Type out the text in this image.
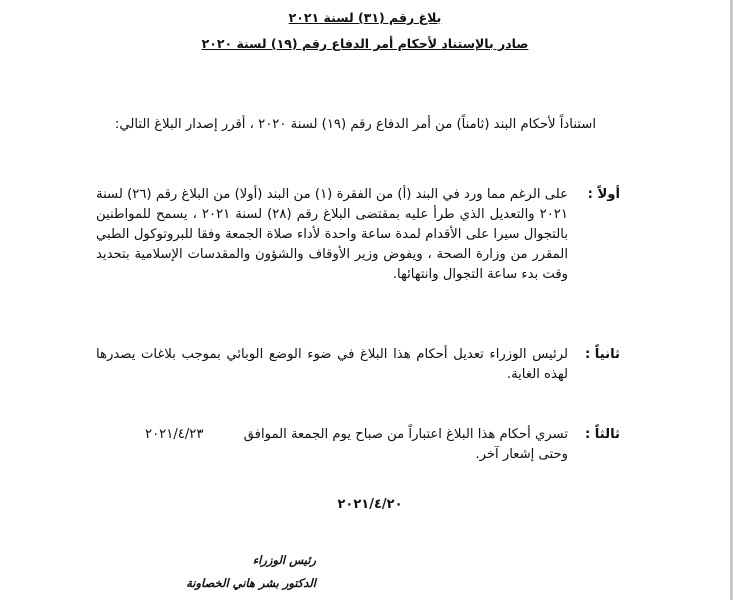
بلاغ رقم (٣١) لسنة ٢٠٢١
صادر بالإستناد لأحكام أمر الدفاع رقم (١٩) لسنة ٢٠٢٠
استناداً لأحكام البند (ثامناً) من أمر الدفاع رقم (١٩) لسنة ٢٠٢٠ ، أقرر إصدار البلاغ التالي:
أولاً :
على الرغم مما ورد في البند (أ) من الفقرة (١) من البند (أولا) من البلاغ رقم (٢٦) لسنة ٢٠٢١ والتعديل الذي طرأ عليه بمقتضى البلاغ رقم (٢٨) لسنة ٢٠٢١ ، يسمح للمواطنين بالتجوال سيرا على الأقدام لمدة ساعة واحدة لأداء صلاة الجمعة وفقا للبروتوكول الطبي المقرر من وزارة الصحة ، ويفوض وزير الأوقاف والشؤون والمقدسات الإسلامية بتحديد وقت بدء ساعة التجوال وانتهائها.
ثانياً :
لرئيس الوزراء تعديل أحكام هذا البلاغ في ضوء الوضع الوبائي بموجب بلاغات يصدرها لهذه الغاية.
ثالثاً :
تسري أحكام هذا البلاغ اعتباراً من صباح يوم الجمعة الموافق ٢٠٢١/٤/٢٣
وحتى إشعار آخر.
٢٠٢١/٤/٢٠
رئيس الوزراء
الدكتور بشر هاني الخصاونة
